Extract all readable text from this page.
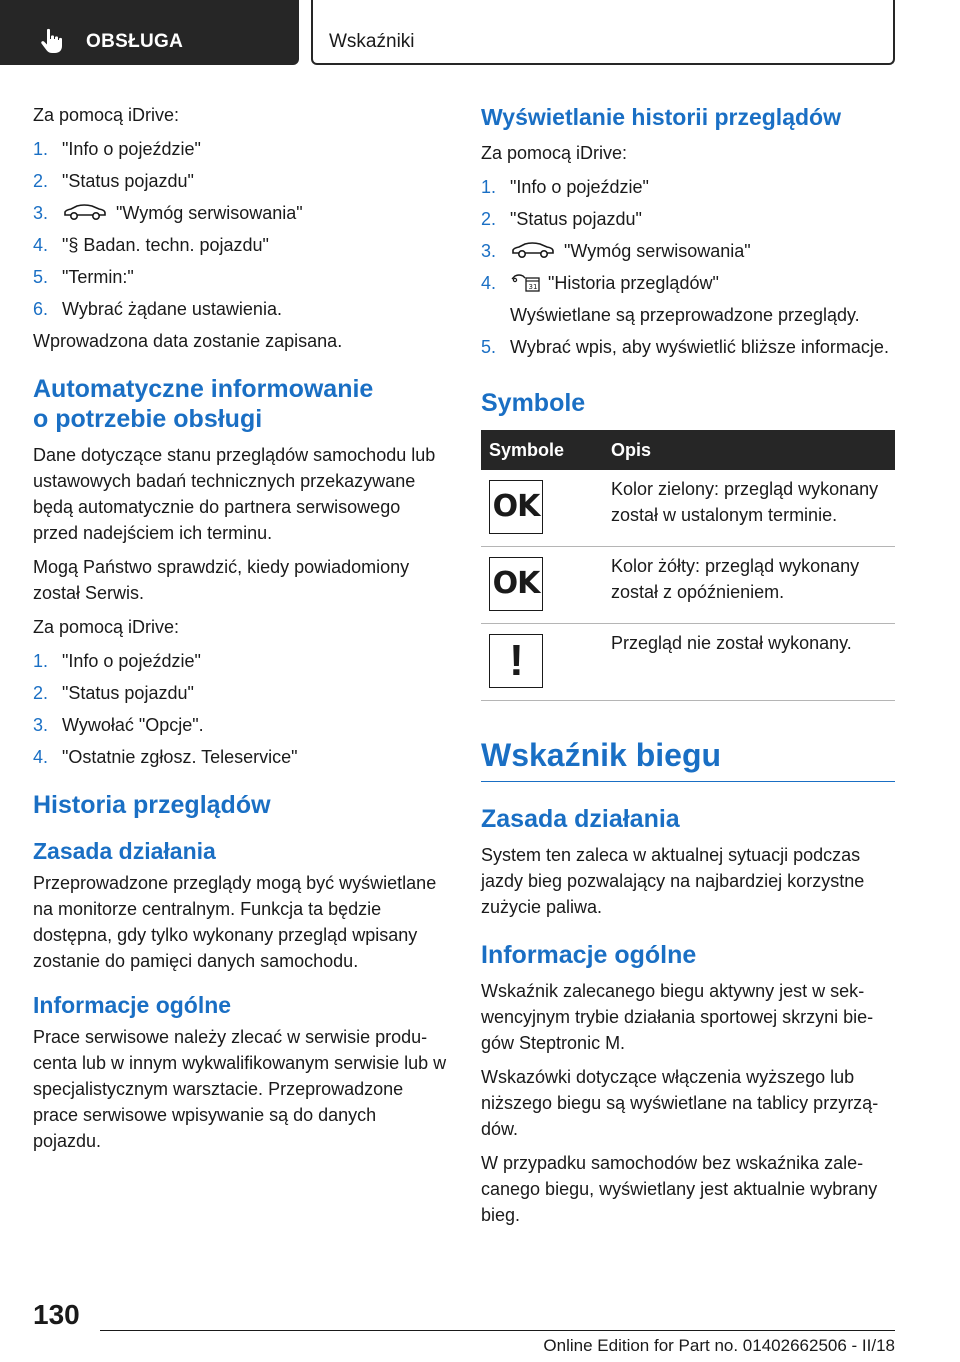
OBSŁUGA	Wskaźniki

Za pomocą iDrive:

1. "Info o pojeździe"
2. "Status pojazdu"
3.	"Wymóg serwisowania"
4. "§ Badan. techn. pojazdu"
5. "Termin:"
6. Wybrać żądane ustawienia.

Wprowadzona data zostanie zapisana.

Automatyczne informowanie
o potrzebie obsługi

Dane dotyczące stanu przeglądów samochodu lub ustawowych badań technicznych przekazywane będą automatycznie do partnera serwisowego przed nadejściem ich terminu.

Mogą Państwo sprawdzić, kiedy powiadomiony został Serwis.

Za pomocą iDrive:

1. "Info o pojeździe"
2. "Status pojazdu"
3. Wywołać "Opcje".
4. "Ostatnie zgłosz. Teleservice"
Historia przeglądów
Zasada działania

Przeprowadzone przeglądy mogą być wyświetlane na monitorze centralnym. Funkcja ta będzie dostępna, gdy tylko wykonany przegląd wpisany zostanie do pamięci danych samochodu.

Informacje ogólne

Prace serwisowe należy zlecać w serwisie producenta lub w innym wykwalifikowanym serwisie lub w specjalistycznym warsztacie. Przeprowadzone prace serwisowe wpisywanie są do danych pojazdu.

Wyświetlanie historii przeglądów

Za pomocą iDrive:

1. "Info o pojeździe"
2. "Status pojazdu"
3.	"Wymóg serwisowania"
4.	31 "Historia przeglądów"
Wyświetlane są przeprowadzone przeglądy.
5. Wybrać wpis, aby wyświetlić bliższe informacje.
Symbole
Symbole	Opis

OK	Kolor zielony: przegląd wykonany został w ustalonym terminie.

OK	Kolor żółty: przegląd wykonany został z opóźnieniem.

!	Przegląd nie został wykonany.
Wskaźnik biegu
Zasada działania

System ten zaleca w aktualnej sytuacji podczas jazdy bieg pozwalający na najbardziej korzystne zużycie paliwa.

Informacje ogólne

Wskaźnik zalecanego biegu aktywny jest w sekwencyjnym trybie działania sportowej skrzyni biegów Steptronic M.

Wskazówki dotyczące włączenia wyższego lub niższego biegu są wyświetlane na tablicy przyrządów.

W przypadku samochodów bez wskaźnika zalecanego biegu, wyświetlany jest aktualnie wybrany bieg.

130
Online Edition for Part no. 01402662506 - II/18
